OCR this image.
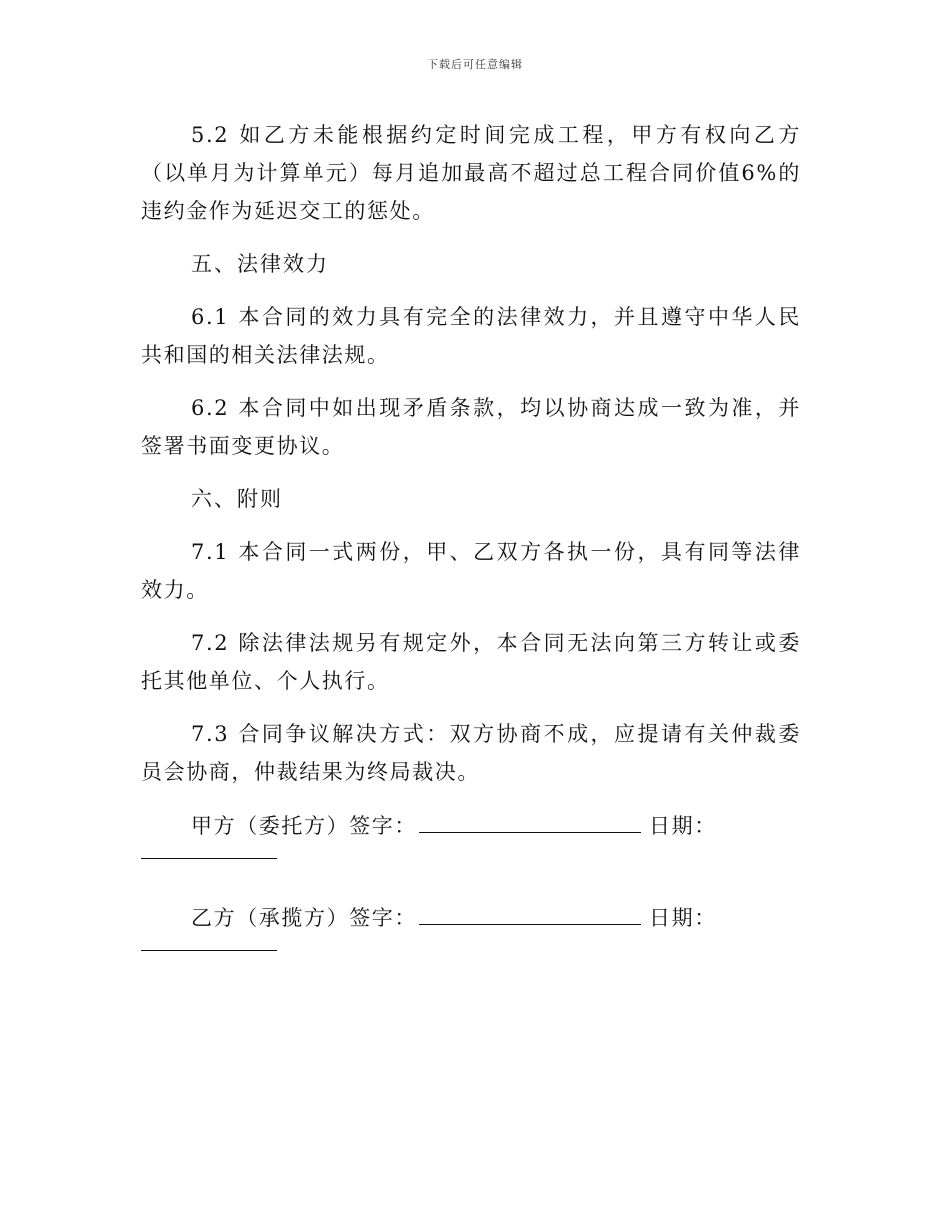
下载后可任意编辑

5.2 如乙方未能根据约定时间完成工程，甲方有权向乙方（以单月为计算单元）每月追加最高不超过总工程合同价值6%的违约金作为延迟交工的惩处。

五、法律效力

6.1 本合同的效力具有完全的法律效力，并且遵守中华人民共和国的相关法律法规。

6.2 本合同中如出现矛盾条款，均以协商达成一致为准，并签署书面变更协议。

六、附则

7.1 本合同一式两份，甲、乙双方各执一份，具有同等法律效力。

7.2 除法律法规另有规定外，本合同无法向第三方转让或委托其他单位、个人执行。

7.3 合同争议解决方式：双方协商不成，应提请有关仲裁委员会协商，仲裁结果为终局裁决。

甲方（委托方）签字：	日期：
乙方（承揽方）签字：	日期：
